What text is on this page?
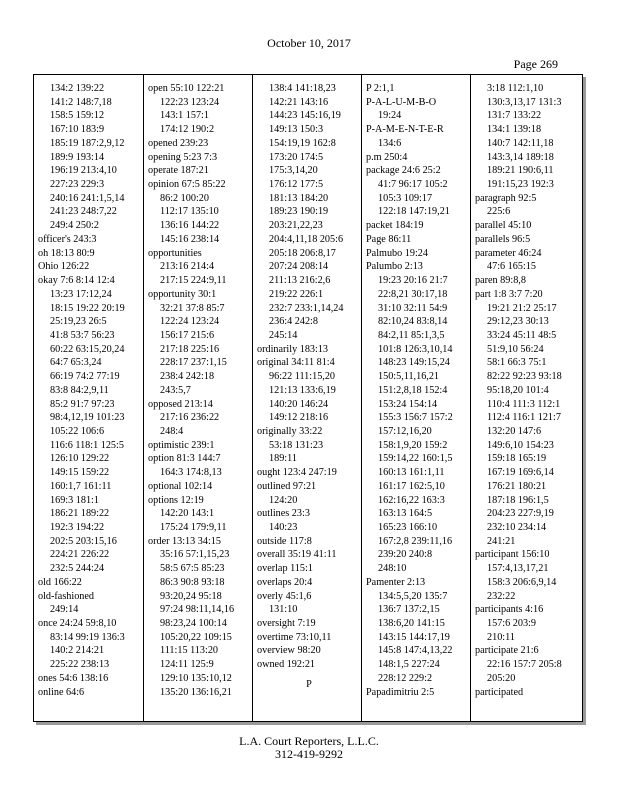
October 10, 2017
Page 269
134:2 139:22
141:2 148:7,18
158:5 159:12
167:10 183:9
185:19 187:2,9,12
189:9 193:14
196:19 213:4,10
227:23 229:3
240:16 241:1,5,14
241:23 248:7,22
249:4 250:2
officer's 243:3
oh 18:13 80:9
Ohio 126:22
okay 7:6 8:14 12:4
13:23 17:12,24
18:15 19:22 20:19
25:19,23 26:5
41:8 53:7 56:23
60:22 63:15,20,24
64:7 65:3,24
66:19 74:2 77:19
83:8 84:2,9,11
85:2 91:7 97:23
98:4,12,19 101:23
105:22 106:6
116:6 118:1 125:5
126:10 129:22
149:15 159:22
160:1,7 161:11
169:3 181:1
186:21 189:22
192:3 194:22
202:5 203:15,16
224:21 226:22
232:5 244:24
old 166:22
old-fashioned
249:14
once 24:24 59:8,10
83:14 99:19 136:3
140:2 214:21
225:22 238:13
ones 54:6 138:16
online 64:6
open 55:10 122:21
122:23 123:24
143:1 157:1
174:12 190:2
opened 239:23
opening 5:23 7:3
operate 187:21
opinion 67:5 85:22
86:2 100:20
112:17 135:10
136:16 144:22
145:16 238:14
opportunities
213:16 214:4
217:15 224:9,11
opportunity 30:1
32:21 37:8 85:7
122:24 123:24
156:17 215:6
217:18 225:16
228:17 237:1,15
238:4 242:18
243:5,7
opposed 213:14
217:16 236:22
248:4
optimistic 239:1
option 81:3 144:7
164:3 174:8,13
optional 102:14
options 12:19
142:20 143:1
175:24 179:9,11
order 13:13 34:15
35:16 57:1,15,23
58:5 67:5 85:23
86:3 90:8 93:18
93:20,24 95:18
97:24 98:11,14,16
98:23,24 100:14
105:20,22 109:15
111:15 113:20
124:11 125:9
129:10 135:10,12
135:20 136:16,21
138:4 141:18,23
142:21 143:16
144:23 145:16,19
149:13 150:3
154:19,19 162:8
173:20 174:5
175:3,14,20
176:12 177:5
181:13 184:20
189:23 190:19
203:21,22,23
204:4,11,18 205:6
205:18 206:8,17
207:24 208:14
211:13 216:2,6
219:22 226:1
232:7 233:1,14,24
236:4 242:8
245:14
ordinarily 183:13
original 34:11 81:4
96:22 111:15,20
121:13 133:6,19
140:20 146:24
149:12 218:16
originally 33:22
53:18 131:23
189:11
ought 123:4 247:19
outlined 97:21
124:20
outlines 23:3
140:23
outside 117:8
overall 35:19 41:11
overlap 115:1
overlaps 20:4
overly 45:1,6
131:10
oversight 7:19
overtime 73:10,11
overview 98:20
owned 192:21
P
P 2:1,1
P-A-L-U-M-B-O
19:24
P-A-M-E-N-T-E-R
134:6
p.m 250:4
package 24:6 25:2
41:7 96:17 105:2
105:3 109:17
122:18 147:19,21
packet 184:19
Page 86:11
Palmubo 19:24
Palumbo 2:13
19:23 20:16 21:7
22:8,21 30:17,18
31:10 32:11 54:9
82:10,24 83:8,14
84:2,11 85:1,3,5
101:8 126:3,10,14
148:23 149:15,24
150:5,11,16,21
151:2,8,18 152:4
153:24 154:14
155:3 156:7 157:2
157:12,16,20
158:1,9,20 159:2
159:14,22 160:1,5
160:13 161:1,11
161:17 162:5,10
162:16,22 163:3
163:13 164:5
165:23 166:10
167:2,8 239:11,16
239:20 240:8
248:10
Pamenter 2:13
134:5,5,20 135:7
136:7 137:2,15
138:6,20 141:15
143:15 144:17,19
145:8 147:4,13,22
148:1,5 227:24
228:12 229:2
Papadimitriu 2:5
3:18 112:1,10
130:3,13,17 131:3
131:7 133:22
134:1 139:18
140:7 142:11,18
143:3,14 189:18
189:21 190:6,11
191:15,23 192:3
paragraph 92:5
225:6
parallel 45:10
parallels 96:5
parameter 46:24
47:6 165:15
paren 89:8,8
part 1:8 3:7 7:20
19:21 21:2 25:17
29:12,23 30:13
33:24 45:11 48:5
51:9,10 56:24
58:1 66:3 75:1
82:22 92:23 93:18
95:18,20 101:4
110:4 111:3 112:1
112:4 116:1 121:7
132:20 147:6
149:6,10 154:23
159:18 165:19
167:19 169:6,14
176:21 180:21
187:18 196:1,5
204:23 227:9,19
232:10 234:14
241:21
participant 156:10
157:4,13,17,21
158:3 206:6,9,14
232:22
participants 4:16
157:6 203:9
210:11
participate 21:6
22:16 157:7 205:8
205:20
participated
L.A. Court Reporters, L.L.C.
312-419-9292
